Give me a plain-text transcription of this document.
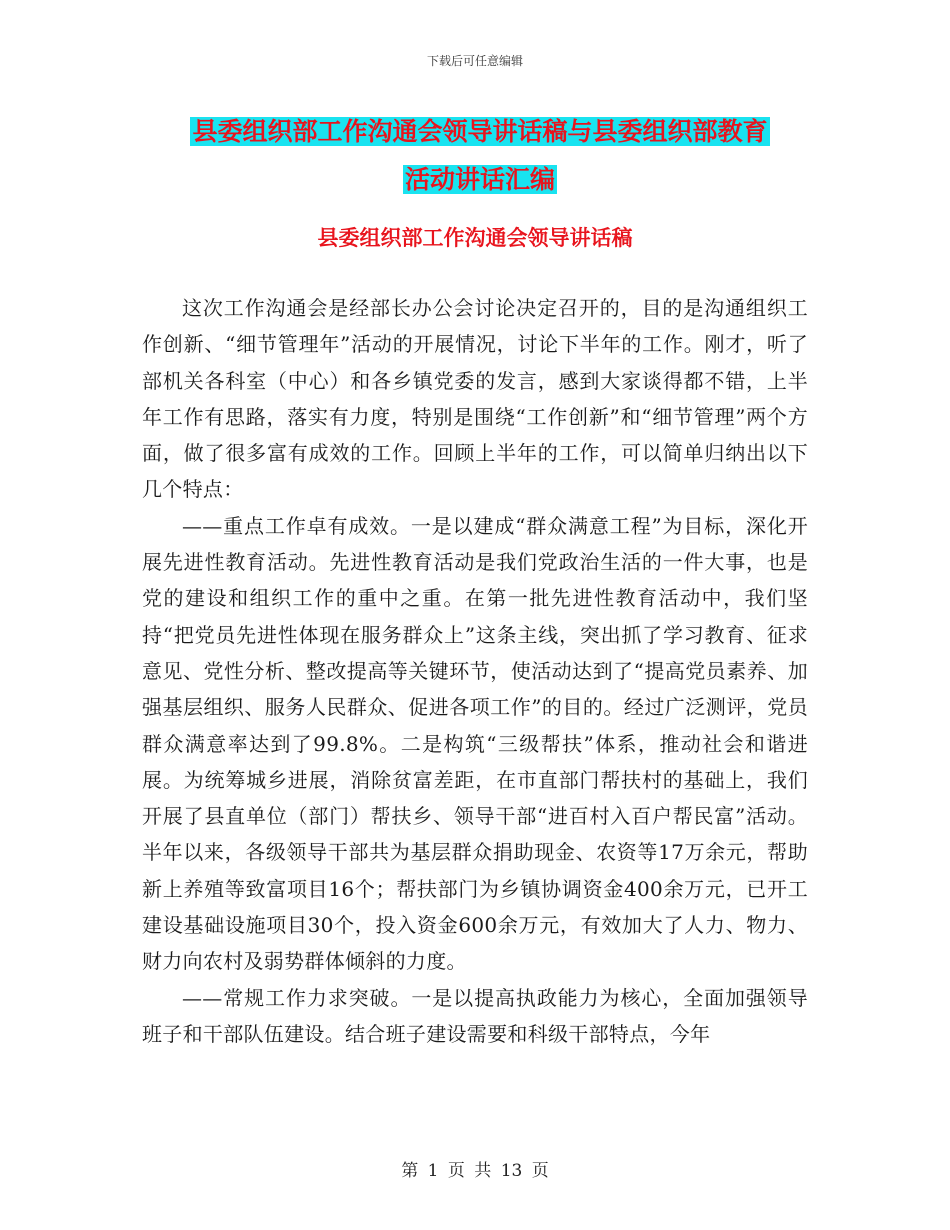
下载后可任意编辑
县委组织部工作沟通会领导讲话稿与县委组织部教育
活动讲话汇编
县委组织部工作沟通会领导讲话稿

这次工作沟通会是经部长办公会讨论决定召开的，目的是沟通组织工作创新、“细节管理年”活动的开展情况，讨论下半年的工作。刚才，听了部机关各科室（中心）和各乡镇党委的发言，感到大家谈得都不错，上半年工作有思路，落实有力度，特别是围绕“工作创新”和“细节管理”两个方面，做了很多富有成效的工作。回顾上半年的工作，可以简单归纳出以下几个特点：

——重点工作卓有成效。一是以建成“群众满意工程”为目标，深化开展先进性教育活动。先进性教育活动是我们党政治生活的一件大事，也是党的建设和组织工作的重中之重。在第一批先进性教育活动中，我们坚持“把党员先进性体现在服务群众上”这条主线，突出抓了学习教育、征求意见、党性分析、整改提高等关键环节，使活动达到了“提高党员素养、加强基层组织、服务人民群众、促进各项工作”的目的。经过广泛测评，党员群众满意率达到了99.8%。二是构筑“三级帮扶”体系，推动社会和谐进展。为统筹城乡进展，消除贫富差距，在市直部门帮扶村的基础上，我们开展了县直单位（部门）帮扶乡、领导干部“进百村入百户帮民富”活动。半年以来，各级领导干部共为基层群众捐助现金、农资等17万余元，帮助新上养殖等致富项目16个；帮扶部门为乡镇协调资金400余万元，已开工建设基础设施项目30个，投入资金600余万元，有效加大了人力、物力、财力向农村及弱势群体倾斜的力度。

——常规工作力求突破。一是以提高执政能力为核心，全面加强领导班子和干部队伍建设。结合班子建设需要和科级干部特点，今年

第 1 页 共 13 页
